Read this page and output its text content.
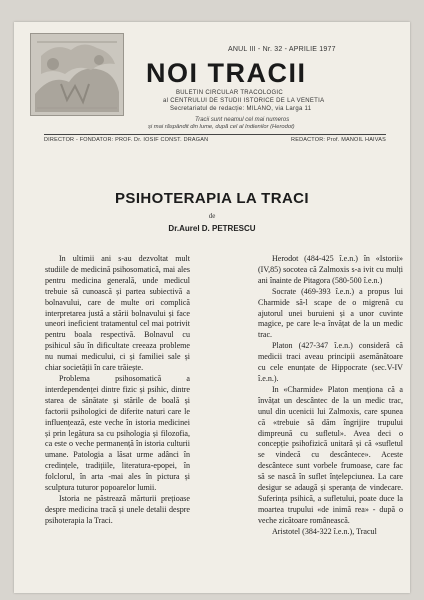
ANUL III - Nr. 32 - APRILIE 1977
NOI TRACII
BULETIN CIRCULAR TRACOLOGIC
al CENTRULUI DE STUDII ISTORICE DE LA VENETIA
Secretariatul de redacție: MILANO, via Larga 11
Tracii sunt neamul cel mai numeros
și mai răspândit din lume, după cel al Indienilor (Herodot)
DIRECTOR - FONDATOR: PROF. Dr. IOSIF CONST. DRAGAN	REDACTOR: Prof. MANOIL HAIVAS
PSIHOTERAPIA LA TRACI
de
Dr.Aurel D. PETRESCU

In ultimii ani s-au dezvoltat mult studiile de medicină psihosomatică, mai ales pentru medicina generală, unde medicul trebuie să cunoască și partea subiectivă a bolnavului, care de multe ori complică interpretarea justă a stării bolnavului și face uneori ineficient tratamentul cel mai potrivit pentru boala respectivă. Bolnavul cu psihicul său în dificultate creeaza probleme nu numai medicului, ci și familiei sale și chiar societății în care trăiește.

Problema psihosomatică a interdependenței dintre fizic și psihic, dintre starea de sănătate și stările de boală și factorii psihologici de diferite naturi care le influențează, este veche în istoria medicinei și prin legătura sa cu psihologia și filozofia, ca este o veche permanență în istoria culturii umane. Patologia a lăsat urme adânci în credințele, tradițiile, literatura-epopei, în folclorul, în arta -mai ales în pictura și sculptura tuturor popoarelor lumii.

Istoria ne păstrează mărturii prețioase despre medicina tracă și unele detalii despre psihoterapia la Traci.

Herodot (484-425 î.e.n.) în «Istorii» (IV,85) socotea că Zalmoxis s-a ivit cu mulți ani înainte de Pitagora (580-500 î.e.n.)

Socrate (469-393 î.e.n.) a propus lui Charmide să-l scape de o migrenă cu ajutorul unei buruieni și a unor cuvinte magice, pe care le-a învățat de la un medic trac.

Platon (427-347 î.e.n.) consideră că medicii traci aveau principii asemănătoare cu cele enunțate de Hippocrate (sec.V-IV î.e.n.).

In «Charmide» Platon menționa că a învățat un descântec de la un medic trac, unul din ucenicii lui Zalmoxis, care spunea că «trebuie să dăm îngrijire trupului dimpreună cu sufletul». Avea deci o concepție psihofizică unitară și că «sufletul se vindecă cu descântece». Aceste descântece sunt vorbele frumoase, care fac să se nască în suflet înțelepciunea. La care desigur se adaugă și speranța de vindecare. Suferința psihică, a sufletului, poate duce la moartea trupului «de inimă rea» - după o veche zicătoare românească.

Aristotel (384-322 î.e.n.), Tracul
